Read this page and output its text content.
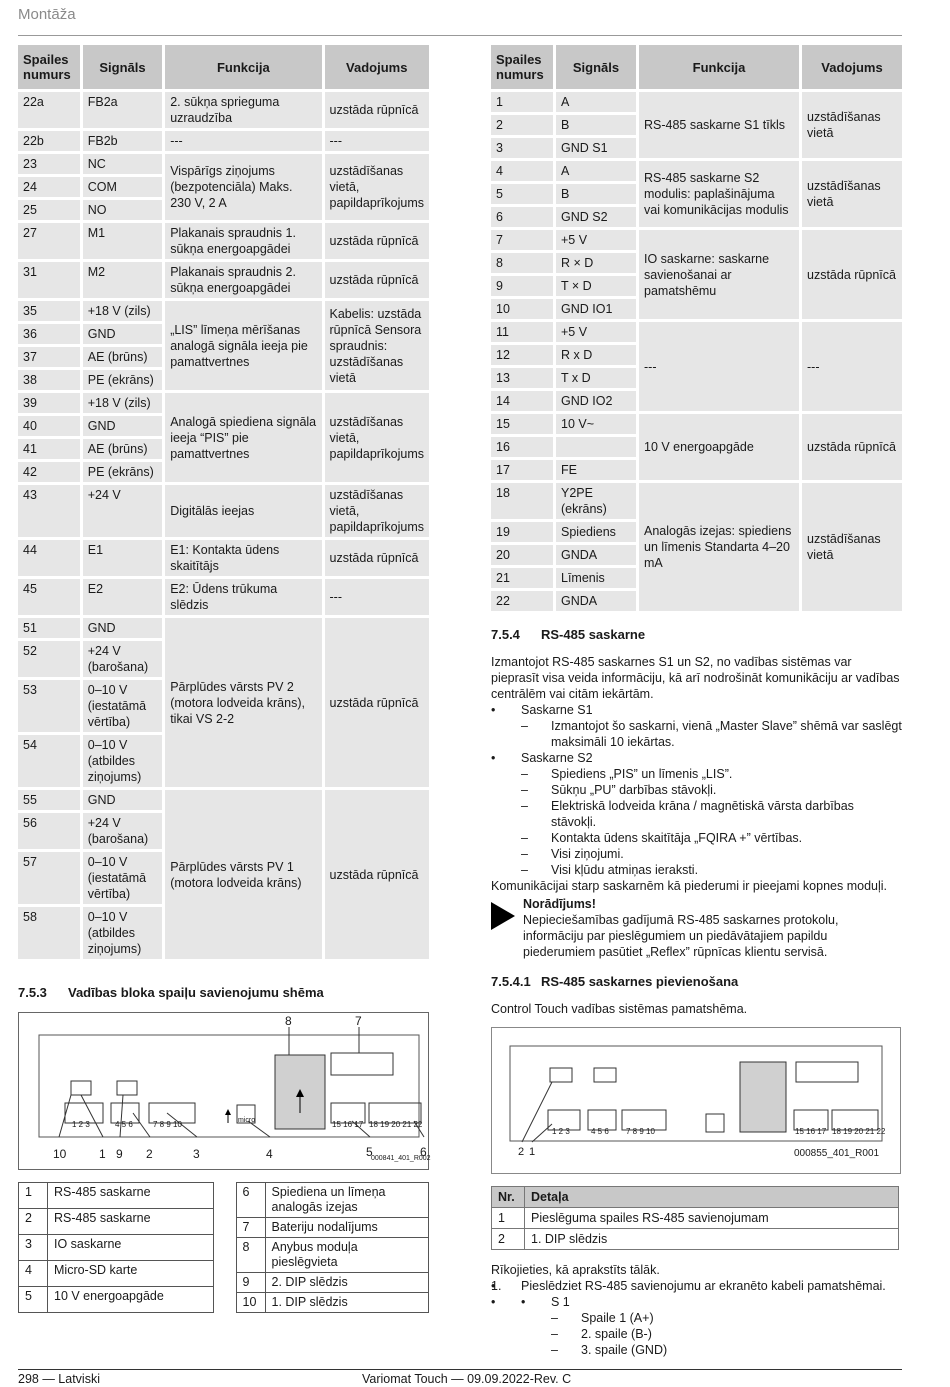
Montāža
Spailes numurs	Signāls	Funkcija	Vadojums
22a	FB2a	2. sūkņa sprieguma uzraudzība	uzstāda rūpnīcā
22b	FB2b	---	---
23	NC	Vispārīgs ziņojums (bezpotenciāla) Maks. 230 V, 2 A	uzstādīšanas vietā, papildaprīkojums
24	COM		
25	NO		
27	M1	Plakanais spraudnis 1. sūkņa energoapgādei	uzstāda rūpnīcā
31	M2	Plakanais spraudnis 2. sūkņa energoapgādei	uzstāda rūpnīcā
35	+18 V (zils)	„LIS” līmeņa mērīšanas analogā signāla ieeja pie pamattvertnes	Kabelis: uzstāda rūpnīcā Sensora spraudnis: uzstādīšanas vietā
36	GND		
37	AE (brūns)		
38	PE (ekrāns)		
39	+18 V (zils)	Analogā spiediena signāla ieeja “PIS” pie pamattvertnes	uzstādīšanas vietā, papildaprīkojums
40	GND		
41	AE (brūns)		
42	PE (ekrāns)		
43	+24 V	Digitālās ieejas	uzstādīšanas vietā, papildaprīkojums
44	E1	E1: Kontakta ūdens skaitītājs	uzstāda rūpnīcā
45	E2	E2: Ūdens trūkuma slēdzis	---
51	GND	Pārplūdes vārsts PV 2 (motora lodveida krāns), tikai VS 2-2	uzstāda rūpnīcā
52	+24 V (barošana)		
53	0–10 V (iestatāmā vērtība)		
54	0–10 V (atbildes ziņojums)		
55	GND	Pārplūdes vārsts PV 1 (motora lodveida krāns)	uzstāda rūpnīcā
56	+24 V (barošana)		
57	0–10 V (iestatāmā vērtība)		
58	0–10 V (atbildes ziņojums)		
7.5.3 Vadības bloka spaiļu savienojumu shēma
10	1 9 2	3	4	5	6
7
8
1 2 3	4 5 6	7 8 9 10	15 16 17 18 19 20 21 22
micro
000841_401_R002
1	RS-485 saskarne
2	RS-485 saskarne
3	IO saskarne
4	Micro-SD karte
5	10 V energoapgāde
6	Spiediena un līmeņa analogās izejas
7	Bateriju nodalījums
8	Anybus moduļa pieslēgvieta
9	2. DIP slēdzis
10	1. DIP slēdzis
Spailes numurs	Signāls	Funkcija	Vadojums
1	A	RS-485 saskarne S1 tīkls	uzstādīšanas vietā
2	B		
3	GND S1		
4	A	RS-485 saskarne S2 modulis: paplašinājuma vai komunikācijas modulis	uzstādīšanas vietā
5	B		
6	GND S2		
7	+5 V	IO saskarne: saskarne savienošanai ar pamatshēmu	uzstāda rūpnīcā
8	R × D		
9	T × D		
10	GND IO1		
11	+5 V	---	---
12	R x D		
13	T x D		
14	GND IO2		
15	10 V~	10 V energoapgāde	uzstāda rūpnīcā
16			
17	FE		
18	Y2PE (ekrāns)	Analogās izejas: spiediens un līmenis Standarta 4–20 mA	uzstādīšanas vietā
19	Spiediens		
20	GNDA		
21	Līmenis		
22	GNDA		
7.5.4 RS-485 saskarne

Izmantojot RS-485 saskarnes S1 un S2, no vadības sistēmas var pieprasīt visa veida informāciju, kā arī nodrošināt komunikāciju ar vadības centrālēm vai citām iekārtām.

• Saskarne S1
– Izmantojot šo saskarni, vienā „Master Slave” shēmā var saslēgt maksimāli 10 iekārtas.
• Saskarne S2
– Spiediens „PIS” un līmenis „LIS”.
– Sūkņu „PU” darbības stāvokļi.
– Elektriskā lodveida krāna / magnētiskā vārsta darbības stāvokļi.
– Kontakta ūdens skaitītāja „FQIRA +” vērtības.
– Visi ziņojumi.
– Visi kļūdu atmiņas ieraksti.

Komunikācijai starp saskarnēm kā piederumi ir pieejami kopnes moduļi.

Norādījums!

Nepieciešamības gadījumā RS-485 saskarnes protokolu, informāciju par pieslēgumiem un piedāvātajiem papildu piederumiem pasūtiet „Reflex” rūpnīcas klientu servisā.

7.5.4.1 RS-485 saskarnes pievienošana

Control Touch vadības sistēmas pamatshēma.

2 1
1 2 3	4 5 6 7 8 9 10	15 16 17 18 19 20 21 22
000855_401_R001
Nr.	Detaļa
1	Pieslēguma spailes RS-485 savienojumam
2	1. DIP slēdzis

Rīkojieties, kā aprakstīts tālāk.

• 1. Pieslēdziet RS-485 savienojumu ar ekranēto kabeli pamatshēmai.
• • S 1
– Spaile 1 (A+)
– 2. spaile (B-)
– 3. spaile (GND)
298 — Latviski	Variomat Touch — 09.09.2022-Rev. C
